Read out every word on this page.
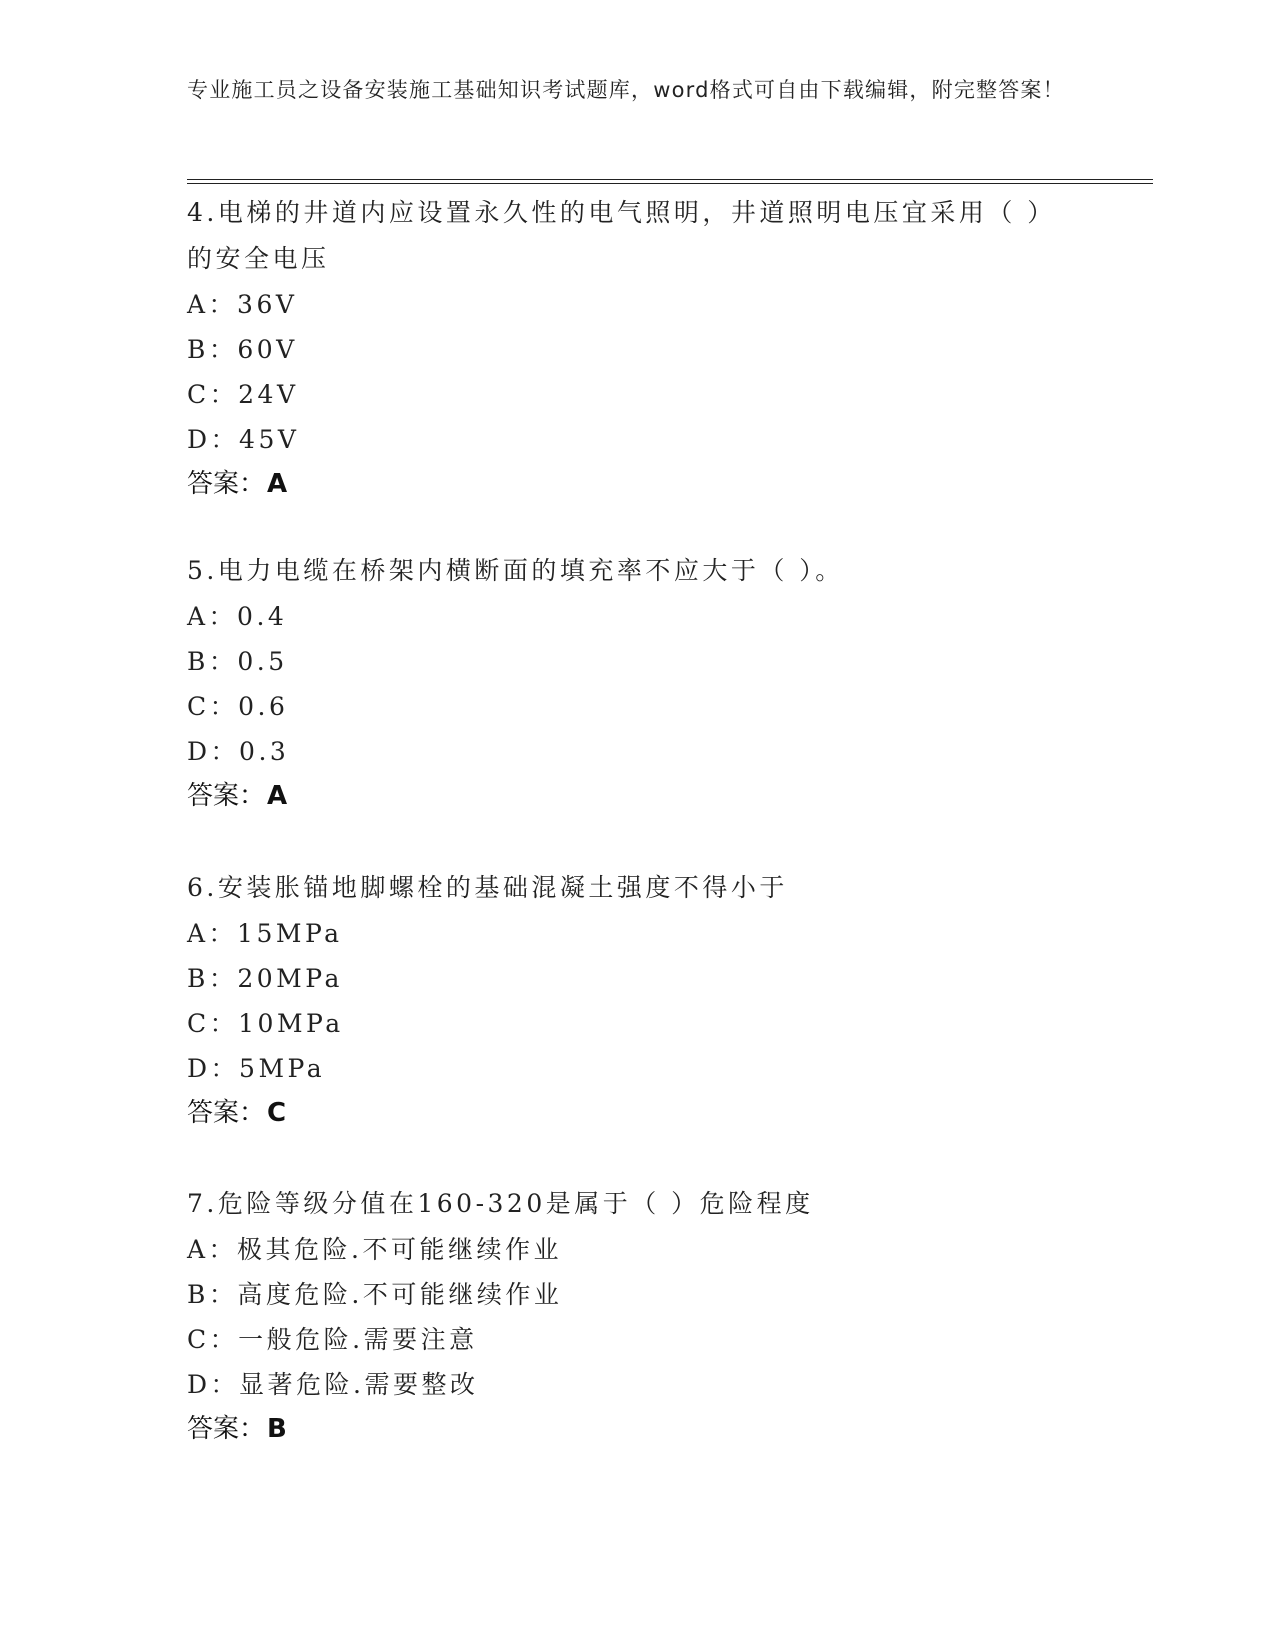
专业施工员之设备安装施工基础知识考试题库，word格式可自由下载编辑，附完整答案！
4.电梯的井道内应设置永久性的电气照明，井道照明电压宜采用（ ）的安全电压
A：36V
B：60V
C：24V
D：45V
答案：A
5.电力电缆在桥架内横断面的填充率不应大于（ ）。
A：0.4
B：0.5
C：0.6
D：0.3
答案：A
6.安装胀锚地脚螺栓的基础混凝土强度不得小于
A：15MPa
B：20MPa
C：10MPa
D：5MPa
答案：C
7.危险等级分值在160-320是属于（ ）危险程度
A：极其危险.不可能继续作业
B：高度危险.不可能继续作业
C：一般危险.需要注意
D：显著危险.需要整改
答案：B
